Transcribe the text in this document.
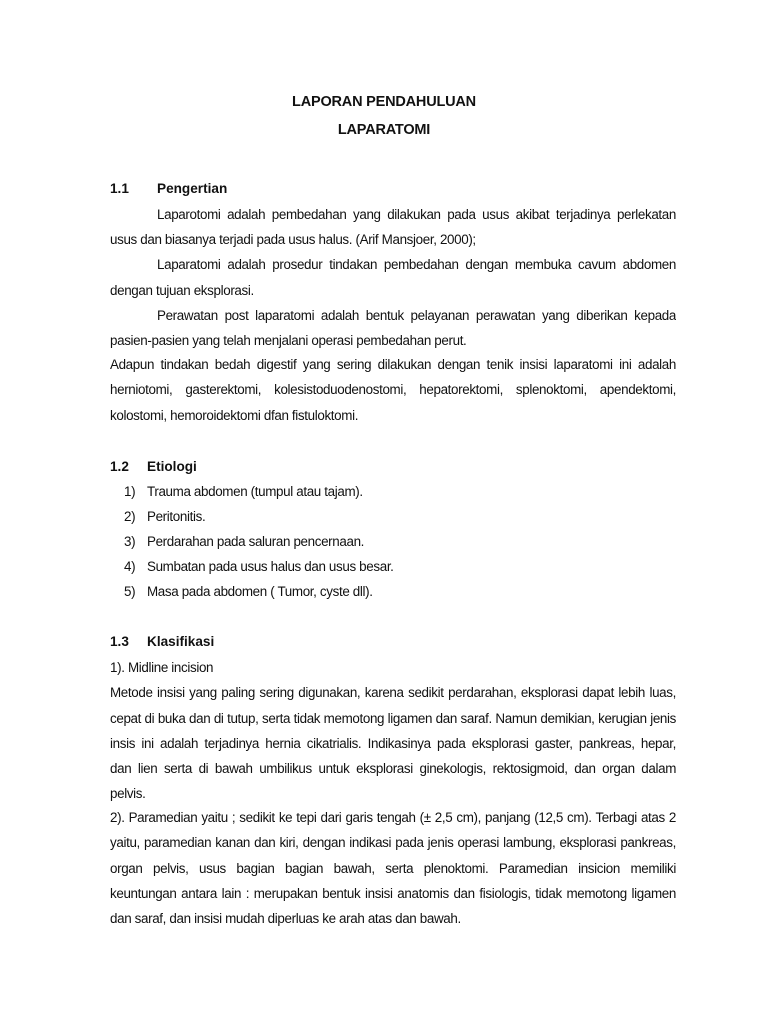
LAPORAN PENDAHULUAN
LAPARATOMI
1.1 Pengertian
Laparotomi adalah pembedahan yang dilakukan pada usus akibat terjadinya perlekatan
usus dan biasanya terjadi pada usus halus. (Arif Mansjoer, 2000);
Laparatomi adalah prosedur tindakan pembedahan dengan membuka cavum abdomen
dengan tujuan eksplorasi.
Perawatan post laparatomi adalah bentuk pelayanan perawatan yang diberikan kepada
pasien-pasien yang telah menjalani operasi pembedahan perut.
Adapun tindakan bedah digestif yang sering dilakukan dengan tenik insisi laparatomi ini adalah
herniotomi, gasterektomi, kolesistoduodenostomi, hepatorektomi, splenoktomi, apendektomi,
kolostomi, hemoroidektomi dfan fistuloktomi.
1.2 Etiologi
1) Trauma abdomen (tumpul atau tajam).
2) Peritonitis.
3) Perdarahan pada saluran pencernaan.
4) Sumbatan pada usus halus dan usus besar.
5) Masa pada abdomen ( Tumor, cyste dll).
1.3 Klasifikasi
1). Midline incision
Metode insisi yang paling sering digunakan, karena sedikit perdarahan, eksplorasi dapat lebih luas,
cepat di buka dan di tutup, serta tidak memotong ligamen dan saraf. Namun demikian, kerugian jenis
insis ini adalah terjadinya hernia cikatrialis. Indikasinya pada eksplorasi gaster, pankreas, hepar,
dan lien serta di bawah umbilikus untuk eksplorasi ginekologis, rektosigmoid, dan organ dalam
pelvis.
2). Paramedian yaitu ; sedikit ke tepi dari garis tengah (± 2,5 cm), panjang (12,5 cm). Terbagi atas 2
yaitu, paramedian kanan dan kiri, dengan indikasi pada jenis operasi lambung, eksplorasi pankreas,
organ pelvis, usus bagian bagian bawah, serta plenoktomi. Paramedian insicion memiliki
keuntungan antara lain : merupakan bentuk insisi anatomis dan fisiologis, tidak memotong ligamen
dan saraf, dan insisi mudah diperluas ke arah atas dan bawah.
